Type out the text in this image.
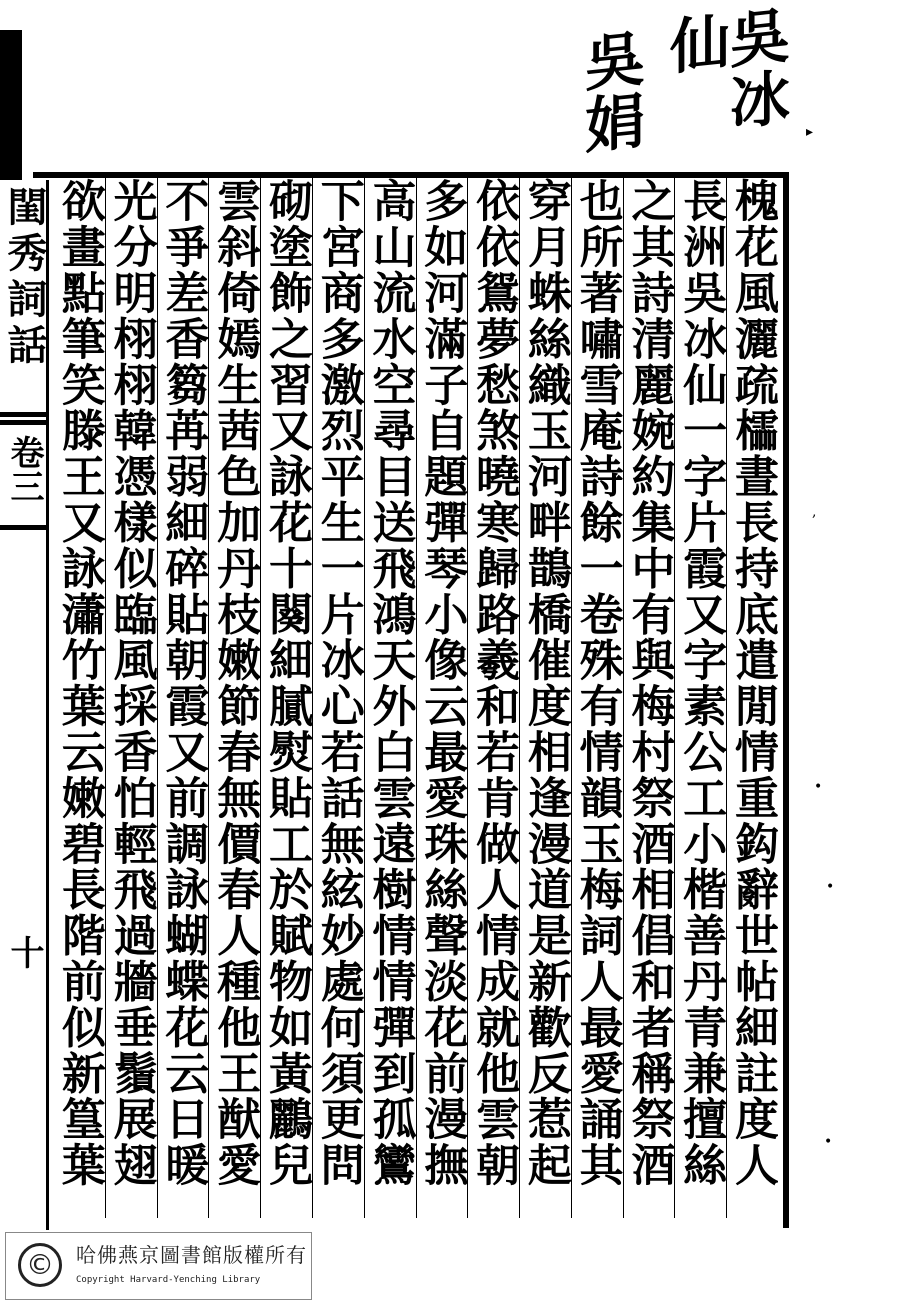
閨秀詞話
卷三
十
吳冰仙
吳娟
槐花風灑疏櫺晝長持底遣閒情重鈎辭世帖細註度人
長洲吳冰仙一字片霞又字素公工小楷善丹青兼擅絲
之其詩清麗婉約集中有與梅村祭酒相倡和者稱祭酒
也所著嘯雪庵詩餘一卷殊有情韻玉梅詞人最愛誦其
穿月蛛絲織玉河畔鵲橋催度相逢漫道是新歡反惹起
依依鴛夢愁煞曉寒歸路羲和若肯做人情成就他雲朝
多如河滿子自題彈琴小像云最愛珠絲聲淡花前漫撫
高山流水空尋目送飛鴻天外白雲遠樹情情彈到孤鸞
下宮商多激烈平生一片冰心若話無絃妙處何須更問
砌塗飾之習又詠花十闋細膩熨貼工於賦物如黃鸝兒
雲斜倚嫣生茜色加丹枝嫩節春無價春人種他王猷愛
不爭差香篘苒弱細碎貼朝霞又前調詠蝴蝶花云日暖
光分明栩栩韓憑樣似臨風採香怕輕飛過牆垂鬚展翅
欲畫點筆笑滕王又詠瀟竹葉云嫩碧長階前似新篁葉
▸
,
•
•
•
©	哈佛燕京圖書館版權所有
Copyright Harvard-Yenching Library
